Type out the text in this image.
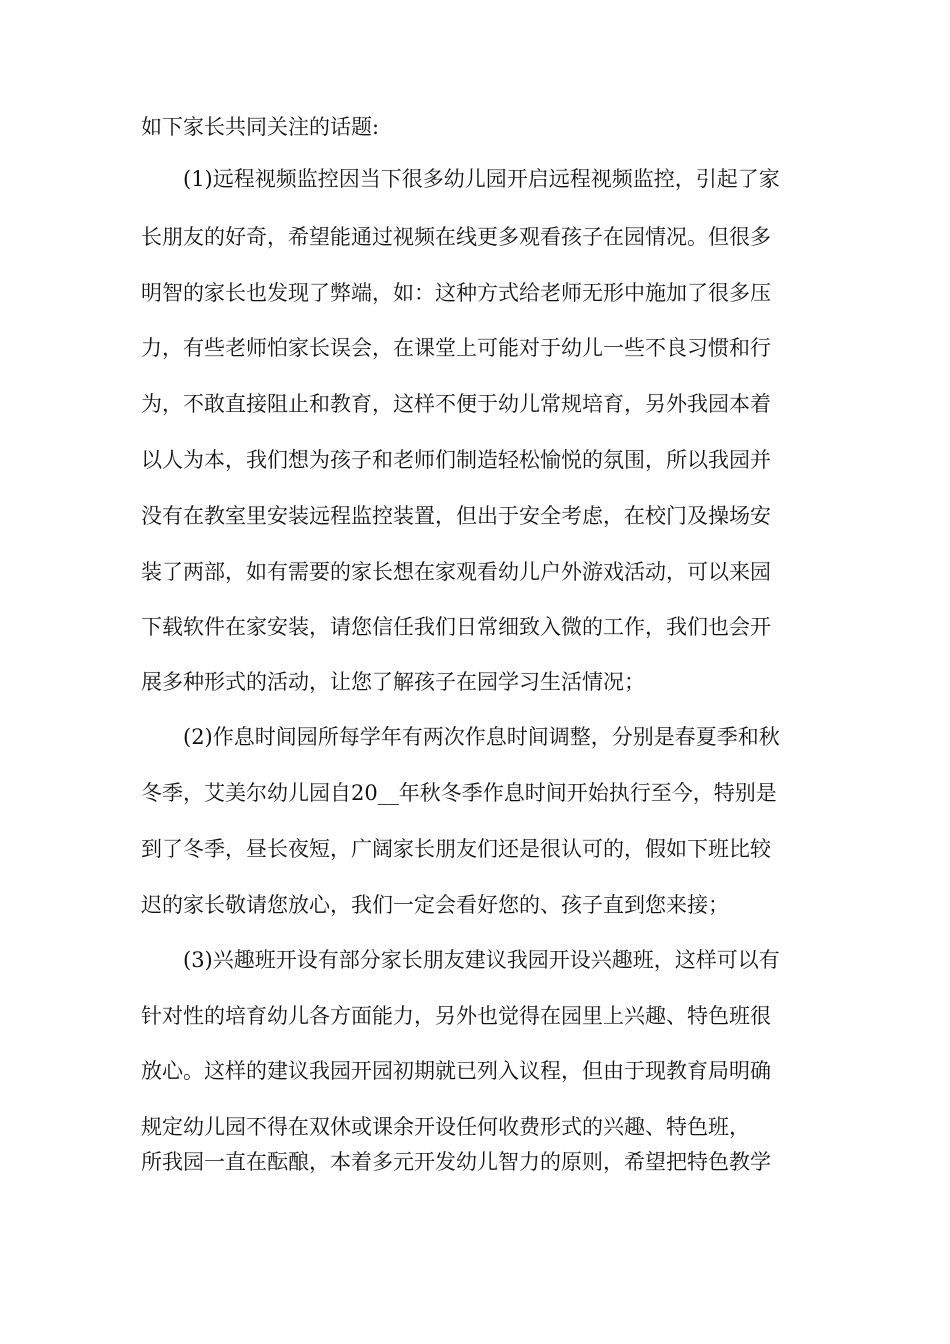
如下家长共同关注的话题:
(1)远程视频监控因当下很多幼儿园开启远程视频监控，引起了家
长朋友的好奇，希望能通过视频在线更多观看孩子在园情况。但很多
明智的家长也发现了弊端，如：这种方式给老师无形中施加了很多压
力，有些老师怕家长误会，在课堂上可能对于幼儿一些不良习惯和行
为，不敢直接阻止和教育，这样不便于幼儿常规培育，另外我园本着
以人为本，我们想为孩子和老师们制造轻松愉悦的氛围，所以我园并
没有在教室里安装远程监控装置，但出于安全考虑，在校门及操场安
装了两部，如有需要的家长想在家观看幼儿户外游戏活动，可以来园
下载软件在家安装，请您信任我们日常细致入微的工作，我们也会开
展多种形式的活动，让您了解孩子在园学习生活情况；
(2)作息时间园所每学年有两次作息时间调整，分别是春夏季和秋
冬季，艾美尔幼儿园自20__年秋冬季作息时间开始执行至今，特别是
到了冬季，昼长夜短，广阔家长朋友们还是很认可的，假如下班比较
迟的家长敬请您放心，我们一定会看好您的、孩子直到您来接；
(3)兴趣班开设有部分家长朋友建议我园开设兴趣班，这样可以有
针对性的培育幼儿各方面能力，另外也觉得在园里上兴趣、特色班很
放心。这样的建议我园开园初期就已列入议程，但由于现教育局明确
规定幼儿园不得在双休或课余开设任何收费形式的兴趣、特色班，
所我园一直在酝酿，本着多元开发幼儿智力的原则，希望把特色教学
